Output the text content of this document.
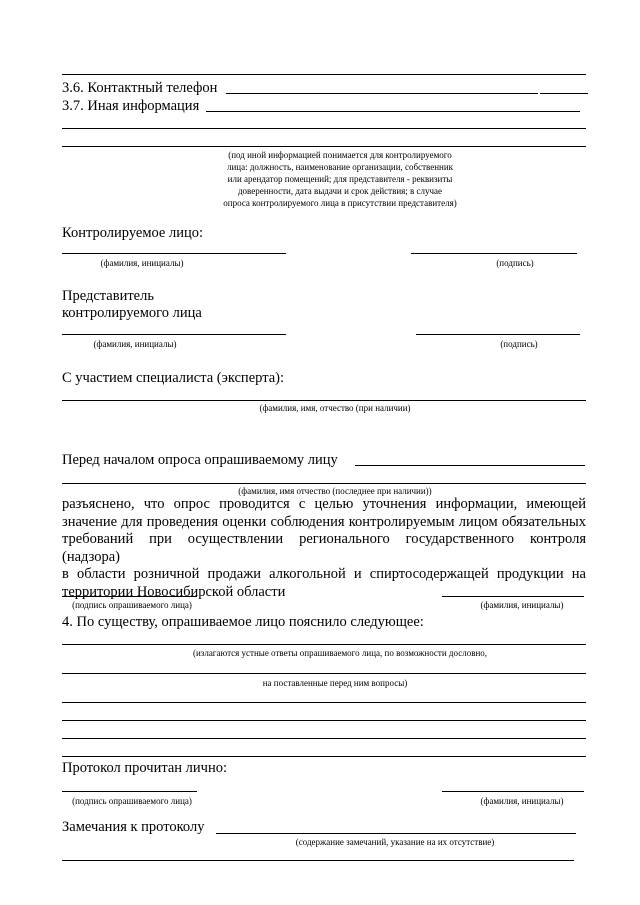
3.6. Контактный телефон
3.7. Иная информация
(под иной информацией понимается для контролируемого
лица: должность, наименование организации, собственник
или арендатор помещений; для представителя - реквизиты
доверенности, дата выдачи и срок действия; в случае
опроса контролируемого лица в присутствии представителя)
Контролируемое лицо:
(фамилия, инициалы)	(подпись)
Представитель
контролируемого лица
(фамилия, инициалы)	(подпись)
С участием специалиста (эксперта):
(фамилия, имя, отчество (при наличии)
Перед началом опроса опрашиваемому лицу
(фамилия, имя отчество (последнее при наличии))
разъяснено, что опрос проводится с целью уточнения информации, имеющей
значение для проведения оценки соблюдения контролируемым лицом обязательных
требований при осуществлении регионального государственного контроля (надзора)
в области розничной продажи алкогольной и спиртосодержащей продукции на
территории Новосибирской области
(подпись опрашиваемого лица)	(фамилия, инициалы)
4. По существу, опрашиваемое лицо пояснило следующее:
(излагаются устные ответы опрашиваемого лица, по возможности дословно,
на поставленные перед ним вопросы)
Протокол прочитан лично:
(подпись опрашиваемого лица)	(фамилия, инициалы)
Замечания к протоколу
(содержание замечаний, указание на их отсутствие)
